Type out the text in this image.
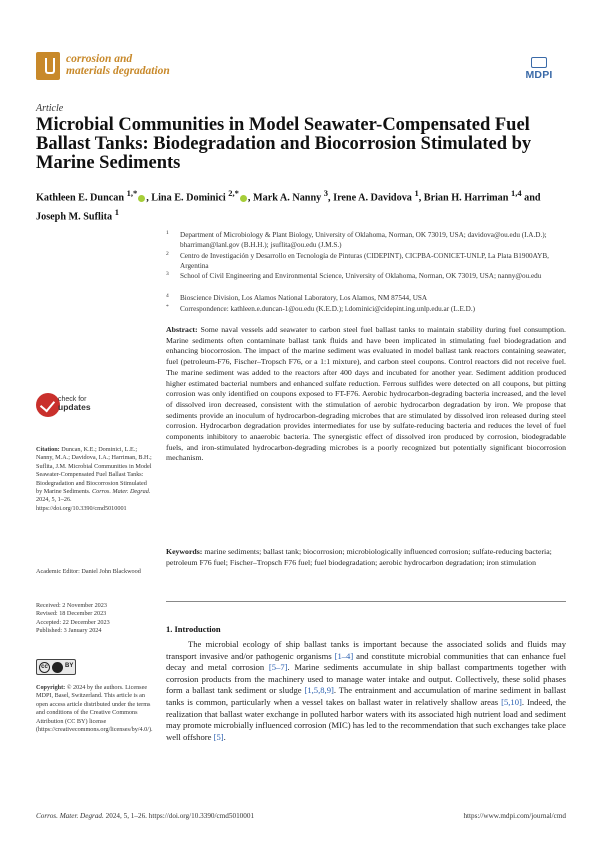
corrosion and
materials degradation	MDPI
Article
Microbial Communities in Model Seawater-Compensated Fuel Ballast Tanks: Biodegradation and Biocorrosion Stimulated by Marine Sediments
Kathleen E. Duncan $^{1,*}$ , Lina E. Dominici $^{2,*}$ , Mark A. Nanny $^3$, Irene A. Davidova $^1$, Brian H. Harriman $^{1,4}$ and Joseph M. Suflita $^1$
1	Department of Microbiology & Plant Biology, University of Oklahoma, Norman, OK 73019, USA; davidova@ou.edu (I.A.D.); bharriman@lanl.gov (B.H.H.); jsuflita@ou.edu (J.M.S.)
2	Centro de Investigación y Desarrollo en Tecnología de Pinturas (CIDEPINT), CICPBA-CONICET-UNLP, La Plata B1900AYB, Argentina
3	School of Civil Engineering and Environmental Science, University of Oklahoma, Norman, OK 73019, USA; nanny@ou.edu
4	Bioscience Division, Los Alamos National Laboratory, Los Alamos, NM 87544, USA
*	Correspondence: kathleen.e.duncan-1@ou.edu (K.E.D.); l.dominici@cidepint.ing.unlp.edu.ar (L.E.D.)
Abstract: Some naval vessels add seawater to carbon steel fuel ballast tanks to maintain stability during fuel consumption. Marine sediments often contaminate ballast tank fluids and have been implicated in stimulating fuel biodegradation and enhancing biocorrosion. The impact of the marine sediment was evaluated in model ballast tank reactors containing seawater, fuel (petroleum-F76, Fischer–Tropsch F76, or a 1:1 mixture), and carbon steel coupons. Control reactors did not receive fuel. The marine sediment was added to the reactors after 400 days and incubated for another year. Sediment addition produced higher estimated bacterial numbers and enhanced sulfate reduction. Ferrous sulfides were detected on all coupons, but pitting corrosion was only identified on coupons exposed to FT-F76. Aerobic hydrocarbon-degrading bacteria increased, and the level of dissolved iron decreased, consistent with the stimulation of aerobic hydrocarbon degradation by iron. We propose that sediments provide an inoculum of hydrocarbon-degrading microbes that are stimulated by dissolved iron released during steel corrosion. Hydrocarbon degradation provides intermediates for use by sulfate-reducing bacteria and reduces the level of fuel components inhibitory to anaerobic bacteria. The synergistic effect of dissolved iron produced by corrosion, biodegradable fuels, and iron-stimulated hydrocarbon-degrading microbes is a poorly recognized but potentially significant biocorrosion mechanism.
Keywords: marine sediments; ballast tank; biocorrosion; microbiologically influenced corrosion; sulfate-reducing bacteria; petroleum F76 fuel; Fischer–Tropsch F76 fuel; fuel biodegradation; aerobic hydrocarbon degradation; iron stimulation
1. Introduction
The microbial ecology of ship ballast tanks is important because the associated solids and fluids may transport invasive and/or pathogenic organisms [1–4] and constitute microbial communities that can enhance fuel decay and metal corrosion [5–7]. Marine sediments accumulate in ship ballast compartments together with corrosion products from the machinery used to manage water intake and output. Collectively, these solid phases form a ballast tank sediment or sludge [1,5,8,9]. The entrainment and accumulation of marine sediment in ballast tanks is common, particularly when a vessel takes on ballast water in relatively shallow areas [5,10]. Indeed, the realization that ballast water exchange in polluted harbor waters with its associated high nutrient load and sediment may promote microbially influenced corrosion (MIC) has led to the recommendation that such exchanges take place well offshore [5].
check for
updates
Citation: Duncan, K.E.; Dominici, L.E.; Nanny, M.A.; Davidova, I.A.; Harriman, B.H.; Suflita, J.M. Microbial Communities in Model Seawater-Compensated Fuel Ballast Tanks: Biodegradation and Biocorrosion Stimulated by Marine Sediments. Corros. Mater. Degrad. 2024, 5, 1–26. https://doi.org/10.3390/cmd5010001
Academic Editor: Daniel John Blackwood
Received: 2 November 2023
Revised: 18 December 2023
Accepted: 22 December 2023
Published: 3 January 2024
cc	BY
Copyright: © 2024 by the authors. Licensee MDPI, Basel, Switzerland. This article is an open access article distributed under the terms and conditions of the Creative Commons Attribution (CC BY) license (https://creativecommons.org/licenses/by/4.0/).
Corros. Mater. Degrad. 2024, 5, 1–26. https://doi.org/10.3390/cmd5010001	https://www.mdpi.com/journal/cmd
